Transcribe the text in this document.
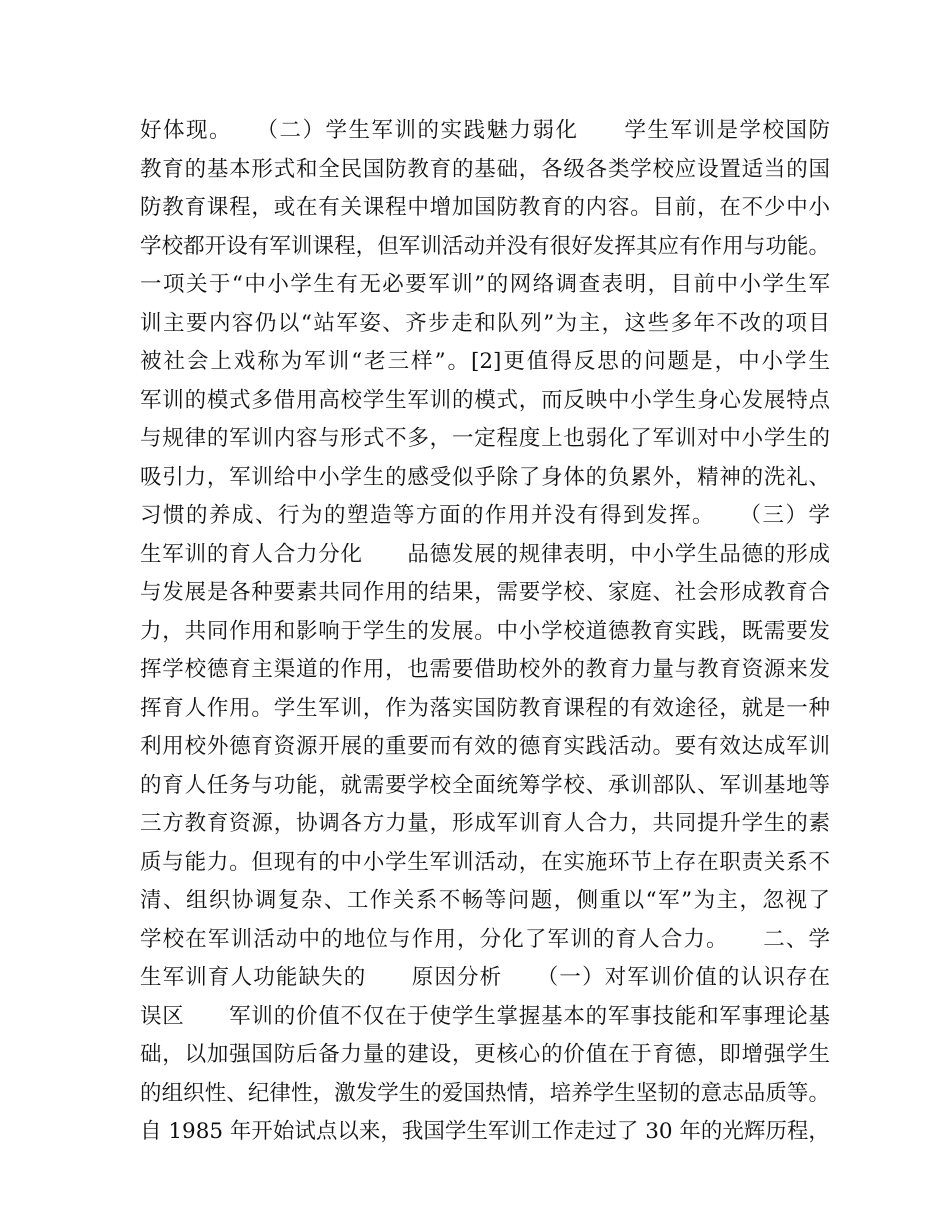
好体现。　　（二）学生军训的实践魅力弱化　　学生军训是学校国防
教育的基本形式和全民国防教育的基础，各级各类学校应设置适当的国
防教育课程，或在有关课程中增加国防教育的内容。目前，在不少中小
学校都开设有军训课程，但军训活动并没有很好发挥其应有作用与功能。
一项关于“中小学生有无必要军训”的网络调查表明，目前中小学生军
训主要内容仍以“站军姿、齐步走和队列”为主，这些多年不改的项目
被社会上戏称为军训“老三样”。[2]更值得反思的问题是，中小学生
军训的模式多借用高校学生军训的模式，而反映中小学生身心发展特点
与规律的军训内容与形式不多，一定程度上也弱化了军训对中小学生的
吸引力，军训给中小学生的感受似乎除了身体的负累外，精神的洗礼、
习惯的养成、行为的塑造等方面的作用并没有得到发挥。　　（三）学
生军训的育人合力分化　　品德发展的规律表明，中小学生品德的形成
与发展是各种要素共同作用的结果，需要学校、家庭、社会形成教育合
力，共同作用和影响于学生的发展。中小学校道德教育实践，既需要发
挥学校德育主渠道的作用，也需要借助校外的教育力量与教育资源来发
挥育人作用。学生军训，作为落实国防教育课程的有效途径，就是一种
利用校外德育资源开展的重要而有效的德育实践活动。要有效达成军训
的育人任务与功能，就需要学校全面统筹学校、承训部队、军训基地等
三方教育资源，协调各方力量，形成军训育人合力，共同提升学生的素
质与能力。但现有的中小学生军训活动，在实施环节上存在职责关系不
清、组织协调复杂、工作关系不畅等问题，侧重以“军”为主，忽视了
学校在军训活动中的地位与作用，分化了军训的育人合力。　　二、学
生军训育人功能缺失的　　原因分析　　（一）对军训价值的认识存在
误区　　军训的价值不仅在于使学生掌握基本的军事技能和军事理论基
础，以加强国防后备力量的建设，更核心的价值在于育德，即增强学生
的组织性、纪律性，激发学生的爱国热情，培养学生坚韧的意志品质等。
自 1985 年开始试点以来，我国学生军训工作走过了 30 年的光辉历程，
